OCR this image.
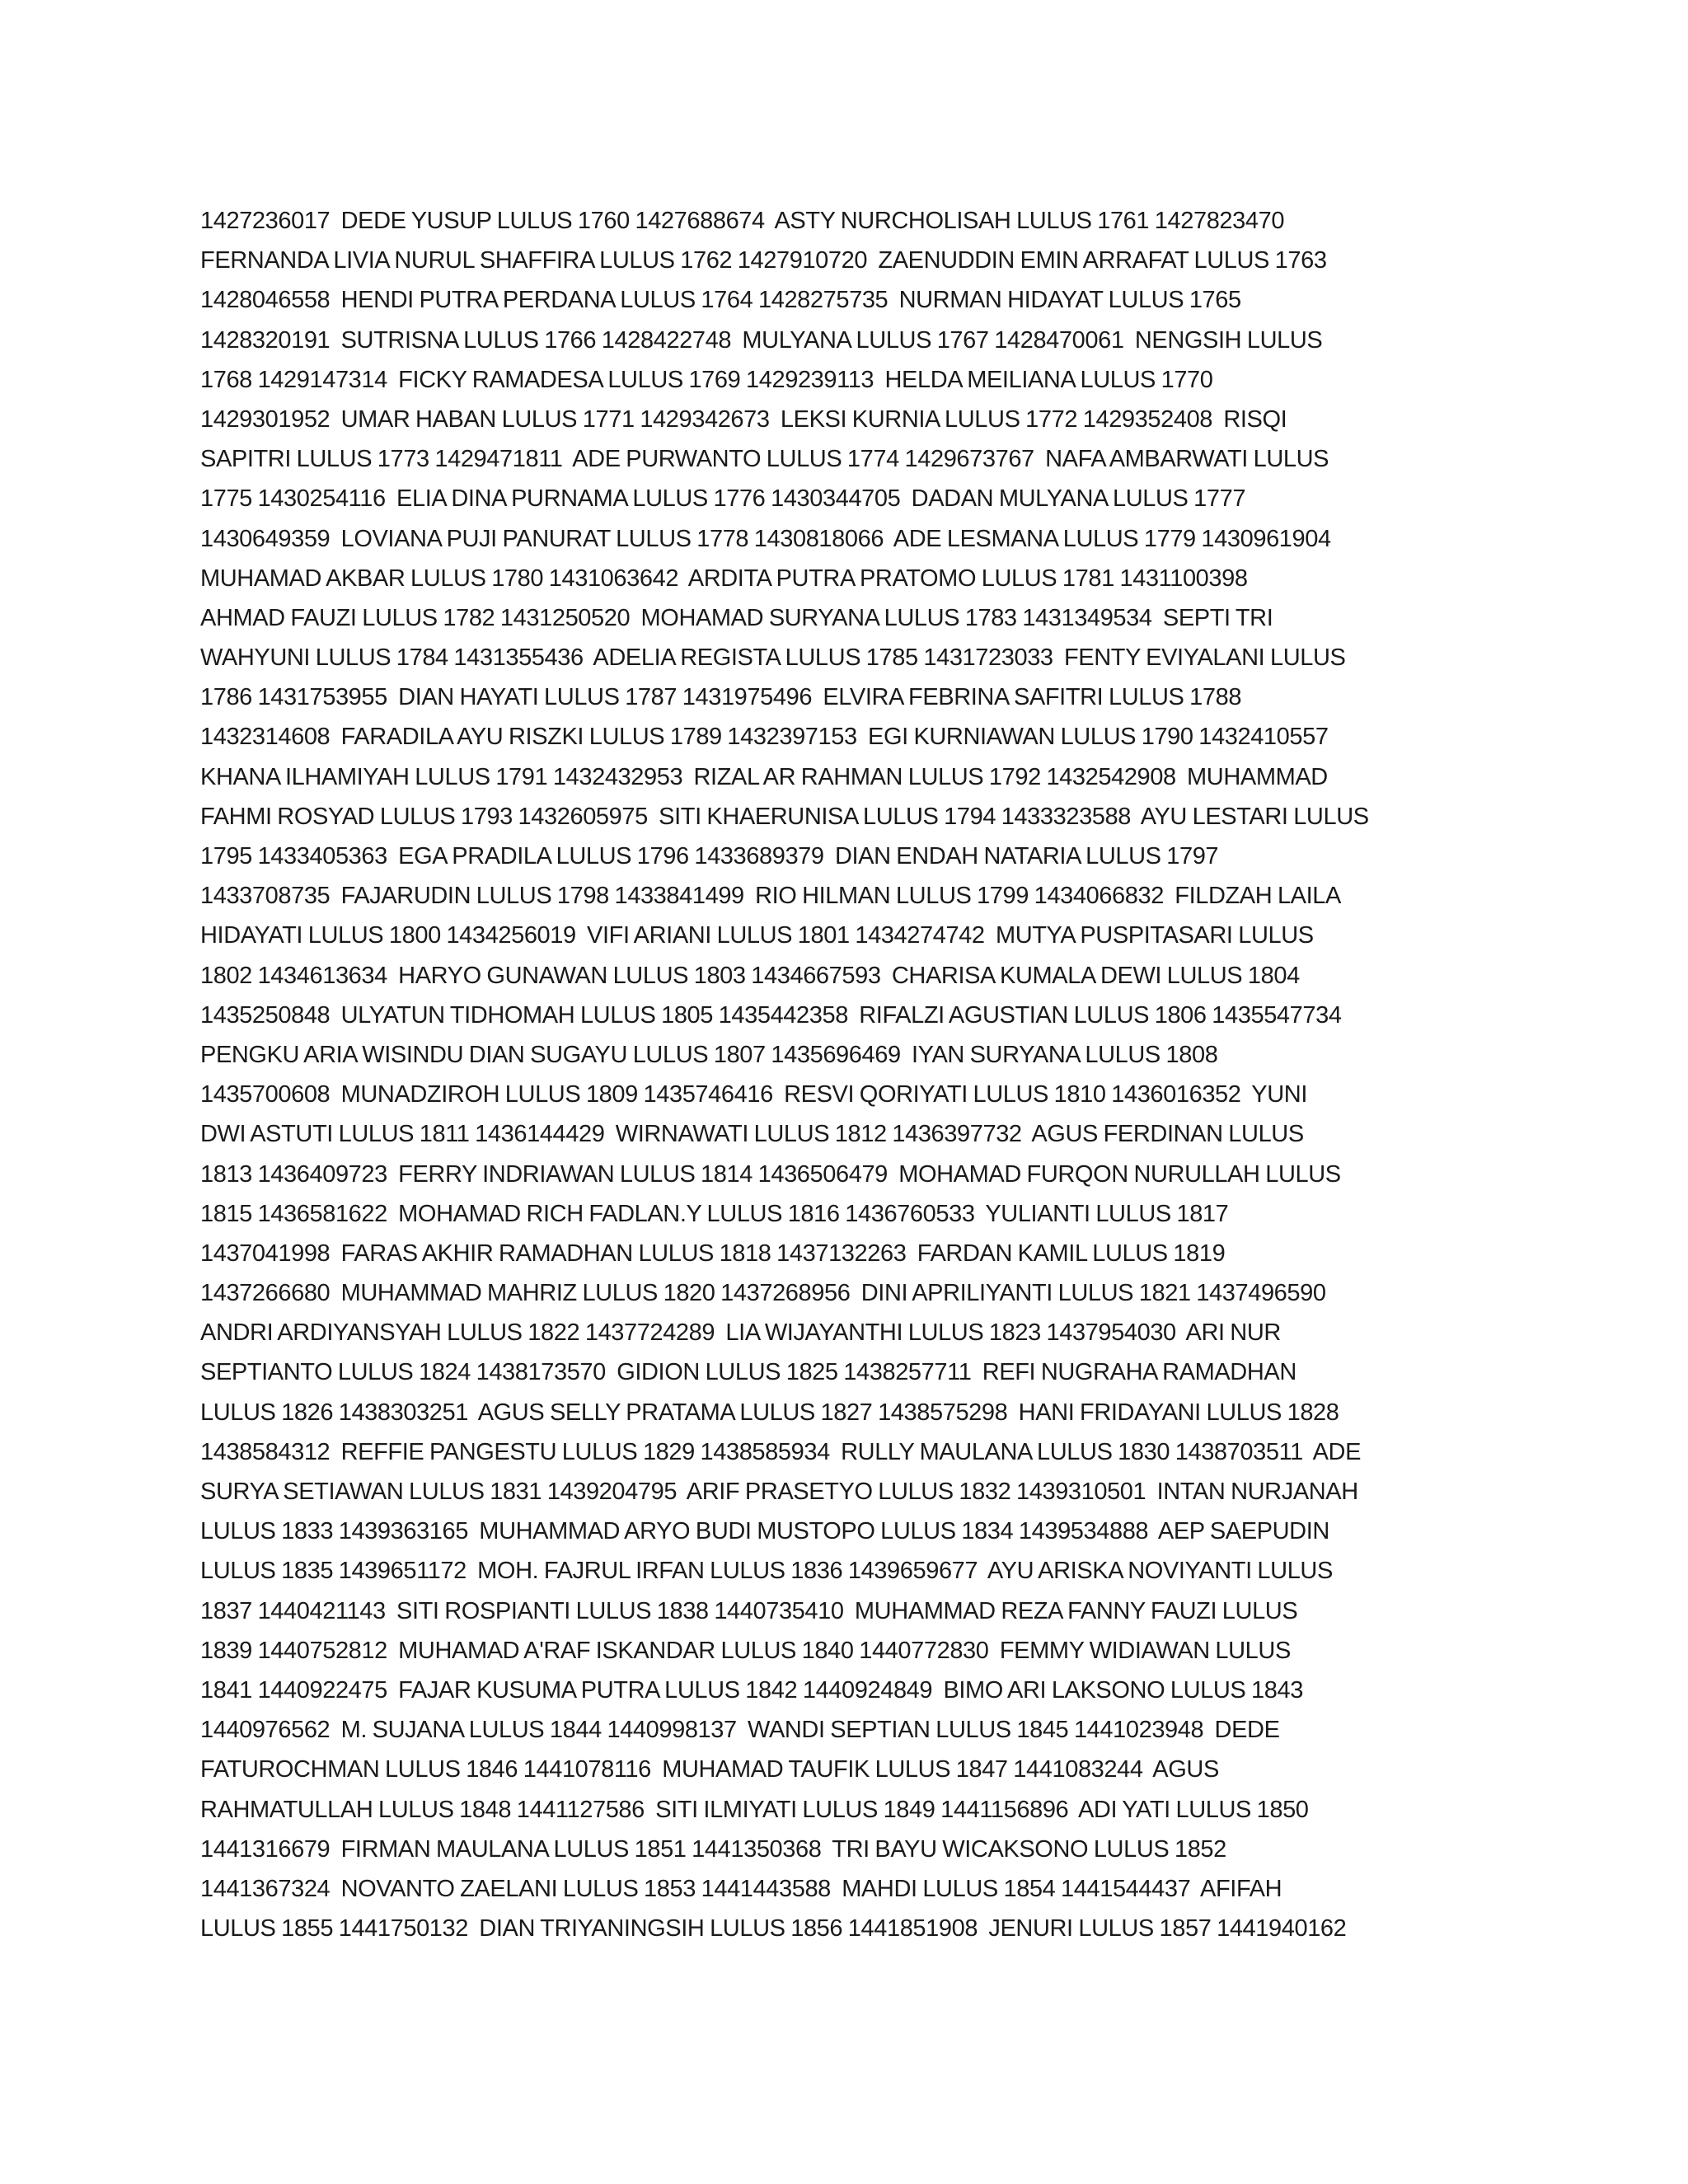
1427236017  DEDE YUSUP LULUS 1760 1427688674  ASTY NURCHOLISAH LULUS 1761 1427823470
FERNANDA LIVIA NURUL SHAFFIRA LULUS 1762 1427910720  ZAENUDDIN EMIN ARRAFAT LULUS 1763
1428046558  HENDI PUTRA PERDANA LULUS 1764 1428275735  NURMAN HIDAYAT LULUS 1765
1428320191  SUTRISNA LULUS 1766 1428422748  MULYANA LULUS 1767 1428470061  NENGSIH LULUS
1768 1429147314  FICKY RAMADESA LULUS 1769 1429239113  HELDA MEILIANA LULUS 1770
1429301952  UMAR HABAN LULUS 1771 1429342673  LEKSI KURNIA LULUS 1772 1429352408  RISQI
SAPITRI LULUS 1773 1429471811  ADE PURWANTO LULUS 1774 1429673767  NAFA AMBARWATI LULUS
1775 1430254116  ELIA DINA PURNAMA LULUS 1776 1430344705  DADAN MULYANA LULUS 1777
1430649359  LOVIANA PUJI PANURAT LULUS 1778 1430818066  ADE LESMANA LULUS 1779 1430961904
MUHAMAD AKBAR LULUS 1780 1431063642  ARDITA PUTRA PRATOMO LULUS 1781 1431100398
AHMAD FAUZI LULUS 1782 1431250520  MOHAMAD SURYANA LULUS 1783 1431349534  SEPTI TRI
WAHYUNI LULUS 1784 1431355436  ADELIA REGISTA LULUS 1785 1431723033  FENTY EVIYALANI LULUS
1786 1431753955  DIAN HAYATI LULUS 1787 1431975496  ELVIRA FEBRINA SAFITRI LULUS 1788
1432314608  FARADILA AYU RISZKI LULUS 1789 1432397153  EGI KURNIAWAN LULUS 1790 1432410557
KHANA ILHAMIYAH LULUS 1791 1432432953  RIZAL AR RAHMAN LULUS 1792 1432542908  MUHAMMAD
FAHMI ROSYAD LULUS 1793 1432605975  SITI KHAERUNISA LULUS 1794 1433323588  AYU LESTARI LULUS
1795 1433405363  EGA PRADILA LULUS 1796 1433689379  DIAN ENDAH NATARIA LULUS 1797
1433708735  FAJARUDIN LULUS 1798 1433841499  RIO HILMAN LULUS 1799 1434066832  FILDZAH LAILA
HIDAYATI LULUS 1800 1434256019  VIFI ARIANI LULUS 1801 1434274742  MUTYA PUSPITASARI LULUS
1802 1434613634  HARYO GUNAWAN LULUS 1803 1434667593  CHARISA KUMALA DEWI LULUS 1804
1435250848  ULYATUN TIDHOMAH LULUS 1805 1435442358  RIFALZI AGUSTIAN LULUS 1806 1435547734
PENGKU ARIA WISINDU DIAN SUGAYU LULUS 1807 1435696469  IYAN SURYANA LULUS 1808
1435700608  MUNADZIROH LULUS 1809 1435746416  RESVI QORIYATI LULUS 1810 1436016352  YUNI
DWI ASTUTI LULUS 1811 1436144429  WIRNAWATI LULUS 1812 1436397732  AGUS FERDINAN LULUS
1813 1436409723  FERRY INDRIAWAN LULUS 1814 1436506479  MOHAMAD FURQON NURULLAH LULUS
1815 1436581622  MOHAMAD RICH FADLAN.Y LULUS 1816 1436760533  YULIANTI LULUS 1817
1437041998  FARAS AKHIR RAMADHAN LULUS 1818 1437132263  FARDAN KAMIL LULUS 1819
1437266680  MUHAMMAD MAHRIZ LULUS 1820 1437268956  DINI APRILIYANTI LULUS 1821 1437496590
ANDRI ARDIYANSYAH LULUS 1822 1437724289  LIA WIJAYANTHI LULUS 1823 1437954030  ARI NUR
SEPTIANTO LULUS 1824 1438173570  GIDION LULUS 1825 1438257711  REFI NUGRAHA RAMADHAN
LULUS 1826 1438303251  AGUS SELLY PRATAMA LULUS 1827 1438575298  HANI FRIDAYANI LULUS 1828
1438584312  REFFIE PANGESTU LULUS 1829 1438585934  RULLY MAULANA LULUS 1830 1438703511  ADE
SURYA SETIAWAN LULUS 1831 1439204795  ARIF PRASETYO LULUS 1832 1439310501  INTAN NURJANAH
LULUS 1833 1439363165  MUHAMMAD ARYO BUDI MUSTOPO LULUS 1834 1439534888  AEP SAEPUDIN
LULUS 1835 1439651172  MOH. FAJRUL IRFAN LULUS 1836 1439659677  AYU ARISKA NOVIYANTI LULUS
1837 1440421143  SITI ROSPIANTI LULUS 1838 1440735410  MUHAMMAD REZA FANNY FAUZI LULUS
1839 1440752812  MUHAMAD A'RAF ISKANDAR LULUS 1840 1440772830  FEMMY WIDIAWAN LULUS
1841 1440922475  FAJAR KUSUMA PUTRA LULUS 1842 1440924849  BIMO ARI LAKSONO LULUS 1843
1440976562  M. SUJANA LULUS 1844 1440998137  WANDI SEPTIAN LULUS 1845 1441023948  DEDE
FATUROCHMAN LULUS 1846 1441078116  MUHAMAD TAUFIK LULUS 1847 1441083244  AGUS
RAHMATULLAH LULUS 1848 1441127586  SITI ILMIYATI LULUS 1849 1441156896  ADI YATI LULUS 1850
1441316679  FIRMAN MAULANA LULUS 1851 1441350368  TRI BAYU WICAKSONO LULUS 1852
1441367324  NOVANTO ZAELANI LULUS 1853 1441443588  MAHDI LULUS 1854 1441544437  AFIFAH
LULUS 1855 1441750132  DIAN TRIYANINGSIH LULUS 1856 1441851908  JENURI LULUS 1857 1441940162
